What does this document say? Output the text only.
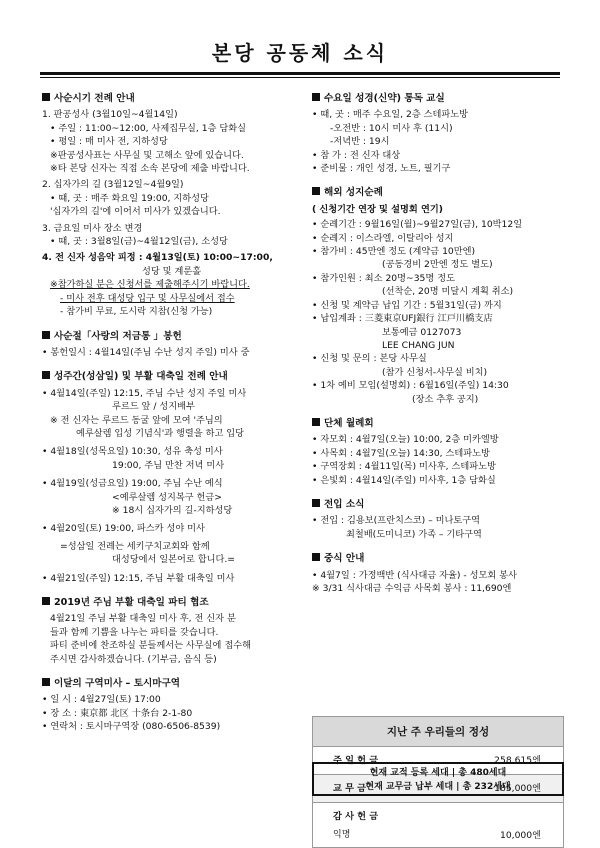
본당 공동체 소식
사순시기 전례 안내
1. 판공성사 (3월10일~4월14일)
• 주일 : 11:00~12:00, 사제집무실, 1층 담화실
• 평일 : 매 미사 전, 지하성당
※판공성사표는 사무실 및 고해소 앞에 있습니다.
※타 본당 신자는 직접 소속 본당에 제출 바랍니다.
2. 십자가의 길 (3월12일~4월9일)
• 때, 곳 : 매주 화요일 19:00, 지하성당
'십자가의 길'에 이어서 미사가 있겠습니다.
3. 금요일 미사 장소 변경
• 때, 곳 : 3월8일(금)~4월12일(금), 소성당
4. 전 신자 성음악 피정 : 4월13일(토) 10:00~17:00,
성당 및 계룬홀
※참가하실 분은 신청서를 제출해주시기 바랍니다.
- 미사 전후 대성당 입구 및 사무실에서 접수
- 참가비 무료, 도시락 지참(신청 가능)
사순절「사랑의 저금통 」봉헌
• 봉헌일시 : 4월14일(주님 수난 성지 주일) 미사 중
성주간(성삼일) 및 부활 대축일 전례 안내
• 4월14일(주일) 12:15, 주님 수난 성지 주일 미사
루르드 앞 / 성지배부
※ 전 신자는 루르드 동굴 앞에 모여 '주님의
예루살렘 입성 기념식'과 행렬을 하고 입당
• 4월18일(성목요일) 10:30, 성유 축성 미사
19:00, 주님 만찬 저녁 미사
• 4월19일(성금요일) 19:00, 주님 수난 예식
<예루살렘 성지복구 헌금>
※ 18시 십자가의 길-지하성당
• 4월20일(토) 19:00, 파스카 성야 미사
=성삼일 전례는 세키구치교회와 함께
대성당에서 일본어로 합니다.=
• 4월21일(주일) 12:15, 주님 부활 대축일 미사
2019년 주님 부활 대축일 파티 협조
4월21일 주님 부활 대축일 미사 후, 전 신자 분
들과 함께 기쁨을 나누는 파티를 갖습니다.
파티 준비에 찬조하실 분들께서는 사무실에 접수해
주시면 감사하겠습니다. (기부금, 음식 등)
이달의 구역미사 – 토시마구역
• 일 시 : 4월27일(토) 17:00
• 장 소 : 東京都 北区 十条台 2-1-80
• 연락처 : 토시마구역장 (080-6506-8539)
수요일 성경(신약) 통독 교실
• 때, 곳 : 매주 수요일, 2층 스테파노방
-오전반 : 10시 미사 후 (11시)
-저녁반 : 19시
• 참 가 : 전 신자 대상
• 준비물 : 개인 성경, 노트, 필기구
해외 성지순례
( 신청기간 연장 및 설명회 연기)
• 순례기간 : 9월16일(월)~9월27일(금), 10박12일
• 순례지 : 이스라엘, 이탈리아 성지
• 참가비 : 45만엔 정도 (계약금 10만엔)
(공동경비 2만엔 정도 별도)
• 참가인원 : 최소 20명~35명 정도
(선착순, 20명 미달시 계획 취소)
• 신청 및 계약금 납입 기간 : 5월31일(금) 까지
• 납입계좌 : 三菱東京UFJ銀行 江戸川橋支店
보통예금 0127073
LEE CHANG JUN
• 신청 및 문의 : 본당 사무실
(참가 신청서-사무실 비치)
• 1차 예비 모임(설명회) : 6월16일(주일) 14:30
(장소 추후 공지)
단체 월례회
• 자모회 : 4월7일(오늘) 10:00, 2층 미카엘방
• 사목회 : 4월7일(오늘) 14:30, 스테파노방
• 구역장회 : 4월11일(목) 미사후, 스테파노방
• 은빛회 : 4월14일(주일) 미사후, 1층 담화실
전입 소식
• 전입 : 김용보(프란치스코) – 미나토구역
최철배(도미니코) 가족 – 기타구역
중식 안내
• 4월7일 : 가정백반 (식사대금 자율) - 성모회 봉사
※ 3/31 식사대금 수익금 사목회 봉사 : 11,690엔
지난 주 우리들의 정성
주 일 헌 금	258,615엔
교 무 금	185,000엔
감 사 헌 금
익명	10,000엔
현재 교적 등록 세대 | 총 480세대
현재 교무금 납부 세대 | 총 232세대
